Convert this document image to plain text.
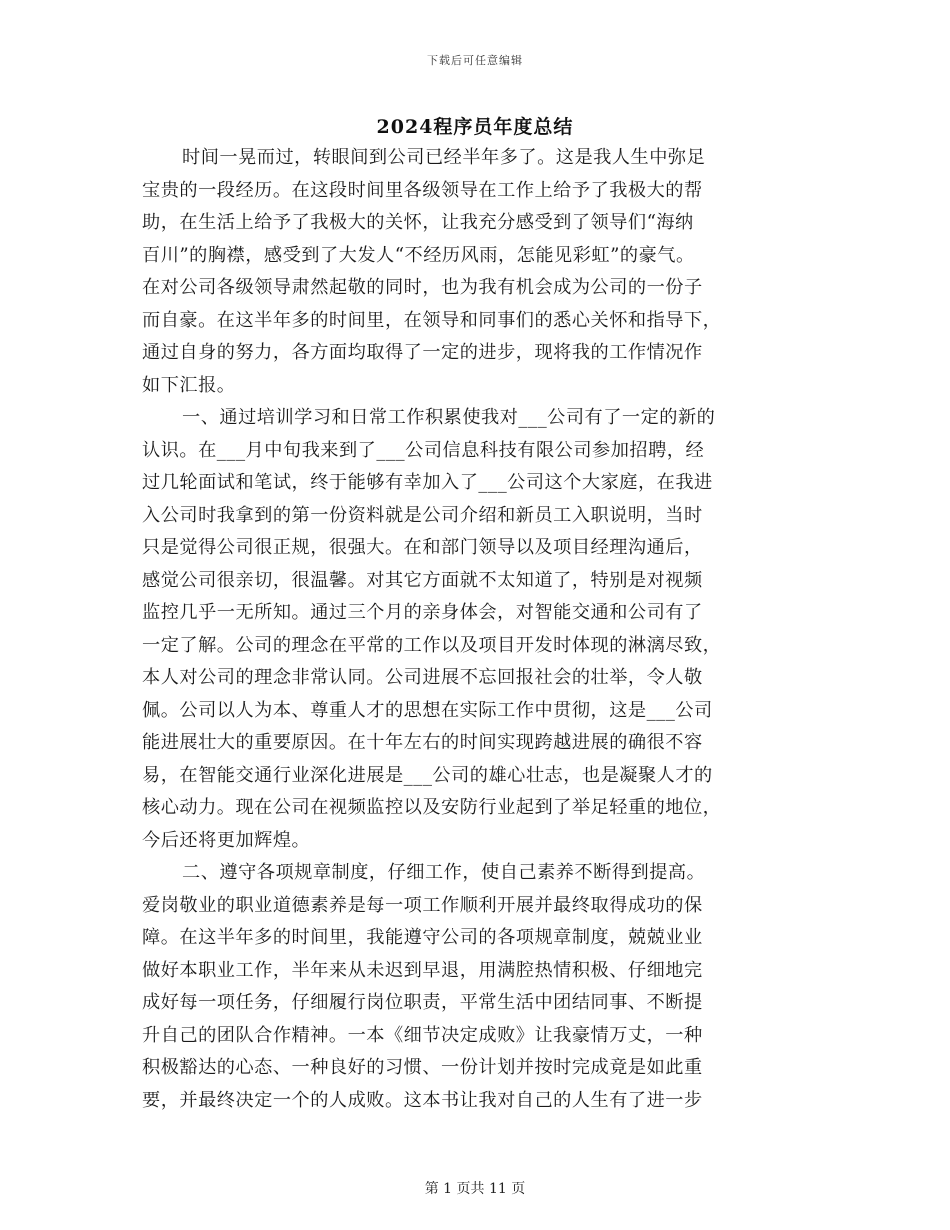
下载后可任意编辑
2024程序员年度总结
时间一晃而过，转眼间到公司已经半年多了。这是我人生中弥足
宝贵的一段经历。在这段时间里各级领导在工作上给予了我极大的帮
助，在生活上给予了我极大的关怀，让我充分感受到了领导们“海纳
百川”的胸襟，感受到了大发人“不经历风雨，怎能见彩虹”的豪气。
在对公司各级领导肃然起敬的同时，也为我有机会成为公司的一份子
而自豪。在这半年多的时间里，在领导和同事们的悉心关怀和指导下，
通过自身的努力，各方面均取得了一定的进步，现将我的工作情况作
如下汇报。
一、通过培训学习和日常工作积累使我对___公司有了一定的新的
认识。在___月中旬我来到了___公司信息科技有限公司参加招聘，经
过几轮面试和笔试，终于能够有幸加入了___公司这个大家庭，在我进
入公司时我拿到的第一份资料就是公司介绍和新员工入职说明，当时
只是觉得公司很正规，很强大。在和部门领导以及项目经理沟通后，
感觉公司很亲切，很温馨。对其它方面就不太知道了，特别是对视频
监控几乎一无所知。通过三个月的亲身体会，对智能交通和公司有了
一定了解。公司的理念在平常的工作以及项目开发时体现的淋漓尽致，
本人对公司的理念非常认同。公司进展不忘回报社会的壮举，令人敬
佩。公司以人为本、尊重人才的思想在实际工作中贯彻，这是___公司
能进展壮大的重要原因。在十年左右的时间实现跨越进展的确很不容
易，在智能交通行业深化进展是___公司的雄心壮志，也是凝聚人才的
核心动力。现在公司在视频监控以及安防行业起到了举足轻重的地位，
今后还将更加辉煌。
二、遵守各项规章制度，仔细工作，使自己素养不断得到提高。
爱岗敬业的职业道德素养是每一项工作顺利开展并最终取得成功的保
障。在这半年多的时间里，我能遵守公司的各项规章制度，兢兢业业
做好本职业工作，半年来从未迟到早退，用满腔热情积极、仔细地完
成好每一项任务，仔细履行岗位职责，平常生活中团结同事、不断提
升自己的团队合作精神。一本《细节决定成败》让我豪情万丈，一种
积极豁达的心态、一种良好的习惯、一份计划并按时完成竟是如此重
要，并最终决定一个的人成败。这本书让我对自己的人生有了进一步
第 1 页共 11 页
